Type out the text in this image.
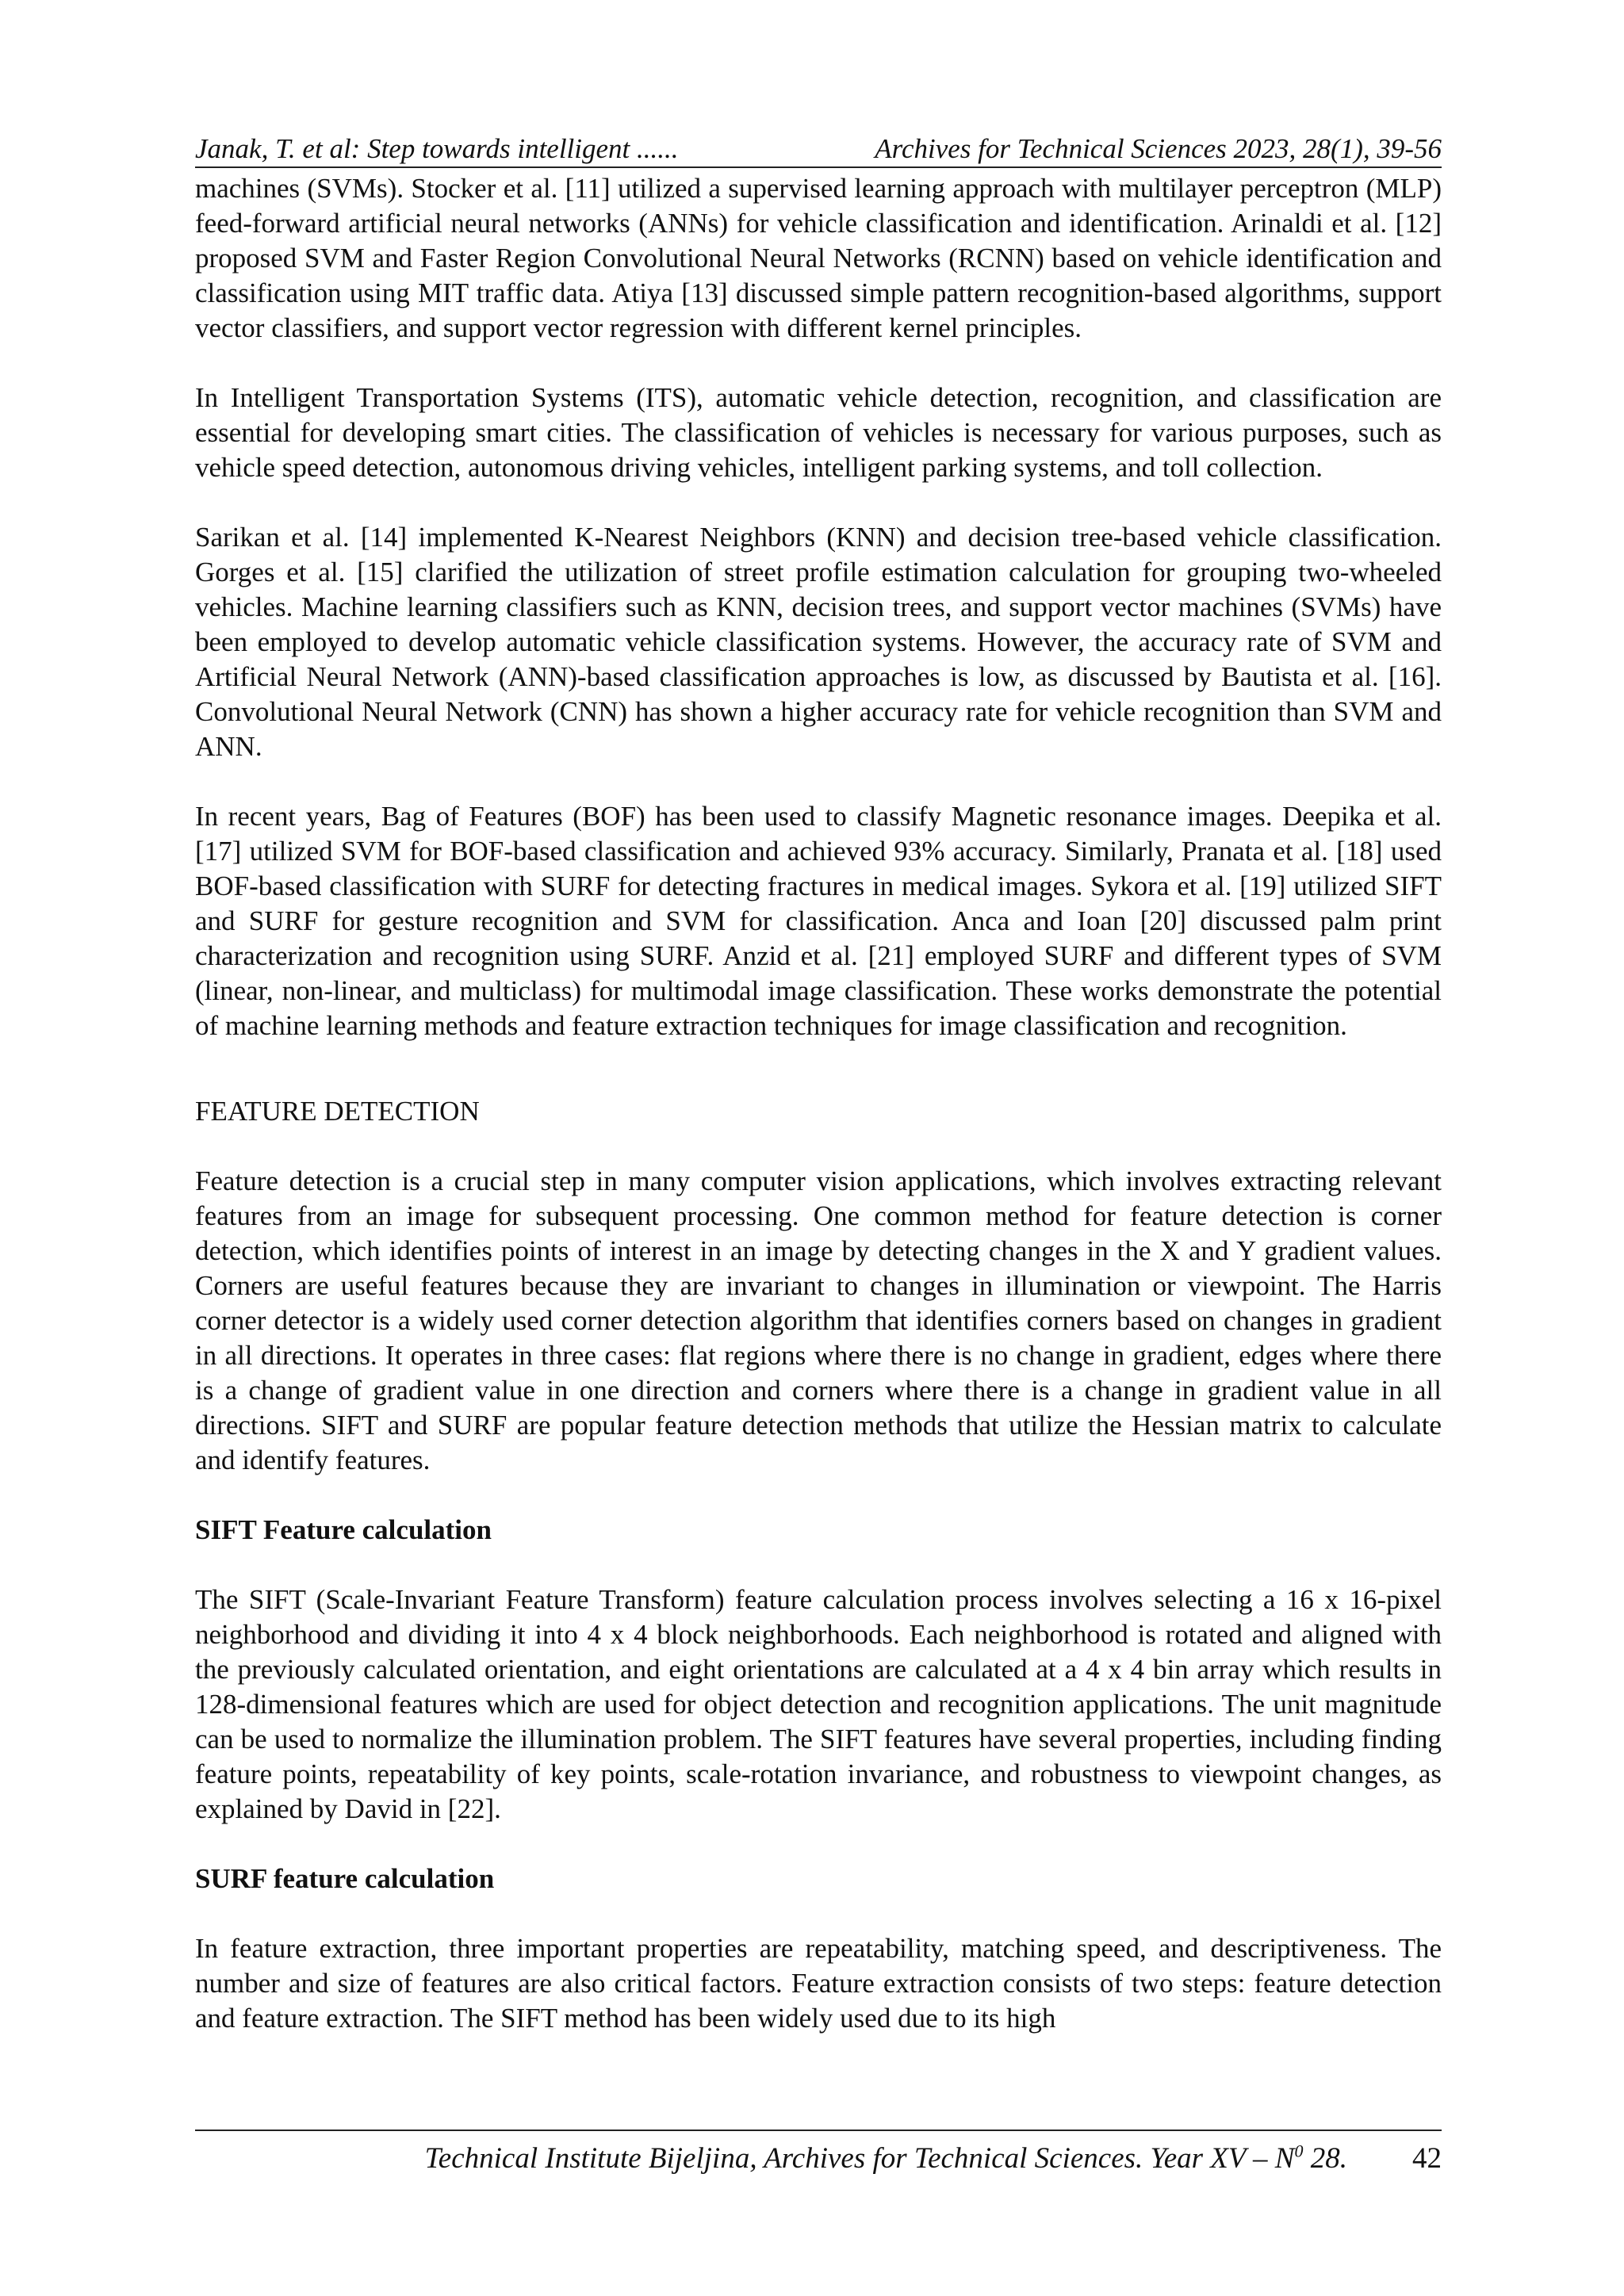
Janak, T. et al: Step towards intelligent ......	Archives for Technical Sciences 2023, 28(1), 39-56

machines (SVMs). Stocker et al. [11] utilized a supervised learning approach with multilayer perceptron (MLP) feed-forward artificial neural networks (ANNs) for vehicle classification and identification. Arinaldi et al. [12] proposed SVM and Faster Region Convolutional Neural Networks (RCNN) based on vehicle identification and classification using MIT traffic data. Atiya [13] discussed simple pattern recognition-based algorithms, support vector classifiers, and support vector regression with different kernel principles.

In Intelligent Transportation Systems (ITS), automatic vehicle detection, recognition, and classification are essential for developing smart cities. The classification of vehicles is necessary for various purposes, such as vehicle speed detection, autonomous driving vehicles, intelligent parking systems, and toll collection.

Sarikan et al. [14] implemented K-Nearest Neighbors (KNN) and decision tree-based vehicle classification. Gorges et al. [15] clarified the utilization of street profile estimation calculation for grouping two-wheeled vehicles. Machine learning classifiers such as KNN, decision trees, and support vector machines (SVMs) have been employed to develop automatic vehicle classification systems. However, the accuracy rate of SVM and Artificial Neural Network (ANN)-based classification approaches is low, as discussed by Bautista et al. [16]. Convolutional Neural Network (CNN) has shown a higher accuracy rate for vehicle recognition than SVM and ANN.

In recent years, Bag of Features (BOF) has been used to classify Magnetic resonance images. Deepika et al. [17] utilized SVM for BOF-based classification and achieved 93% accuracy. Similarly, Pranata et al. [18] used BOF-based classification with SURF for detecting fractures in medical images. Sykora et al. [19] utilized SIFT and SURF for gesture recognition and SVM for classification. Anca and Ioan [20] discussed palm print characterization and recognition using SURF. Anzid et al. [21] employed SURF and different types of SVM (linear, non-linear, and multiclass) for multimodal image classification. These works demonstrate the potential of machine learning methods and feature extraction techniques for image classification and recognition.

FEATURE DETECTION

Feature detection is a crucial step in many computer vision applications, which involves extracting relevant features from an image for subsequent processing. One common method for feature detection is corner detection, which identifies points of interest in an image by detecting changes in the X and Y gradient values. Corners are useful features because they are invariant to changes in illumination or viewpoint. The Harris corner detector is a widely used corner detection algorithm that identifies corners based on changes in gradient in all directions. It operates in three cases: flat regions where there is no change in gradient, edges where there is a change of gradient value in one direction and corners where there is a change in gradient value in all directions. SIFT and SURF are popular feature detection methods that utilize the Hessian matrix to calculate and identify features.

SIFT Feature calculation

The SIFT (Scale-Invariant Feature Transform) feature calculation process involves selecting a 16 x 16-pixel neighborhood and dividing it into 4 x 4 block neighborhoods. Each neighborhood is rotated and aligned with the previously calculated orientation, and eight orientations are calculated at a 4 x 4 bin array which results in 128-dimensional features which are used for object detection and recognition applications. The unit magnitude can be used to normalize the illumination problem. The SIFT features have several properties, including finding feature points, repeatability of key points, scale-rotation invariance, and robustness to viewpoint changes, as explained by David in [22].

SURF feature calculation

In feature extraction, three important properties are repeatability, matching speed, and descriptiveness. The number and size of features are also critical factors. Feature extraction consists of two steps: feature detection and feature extraction. The SIFT method has been widely used due to its high

Technical Institute Bijeljina, Archives for Technical Sciences. Year XV – $N^0$ 28. 42
